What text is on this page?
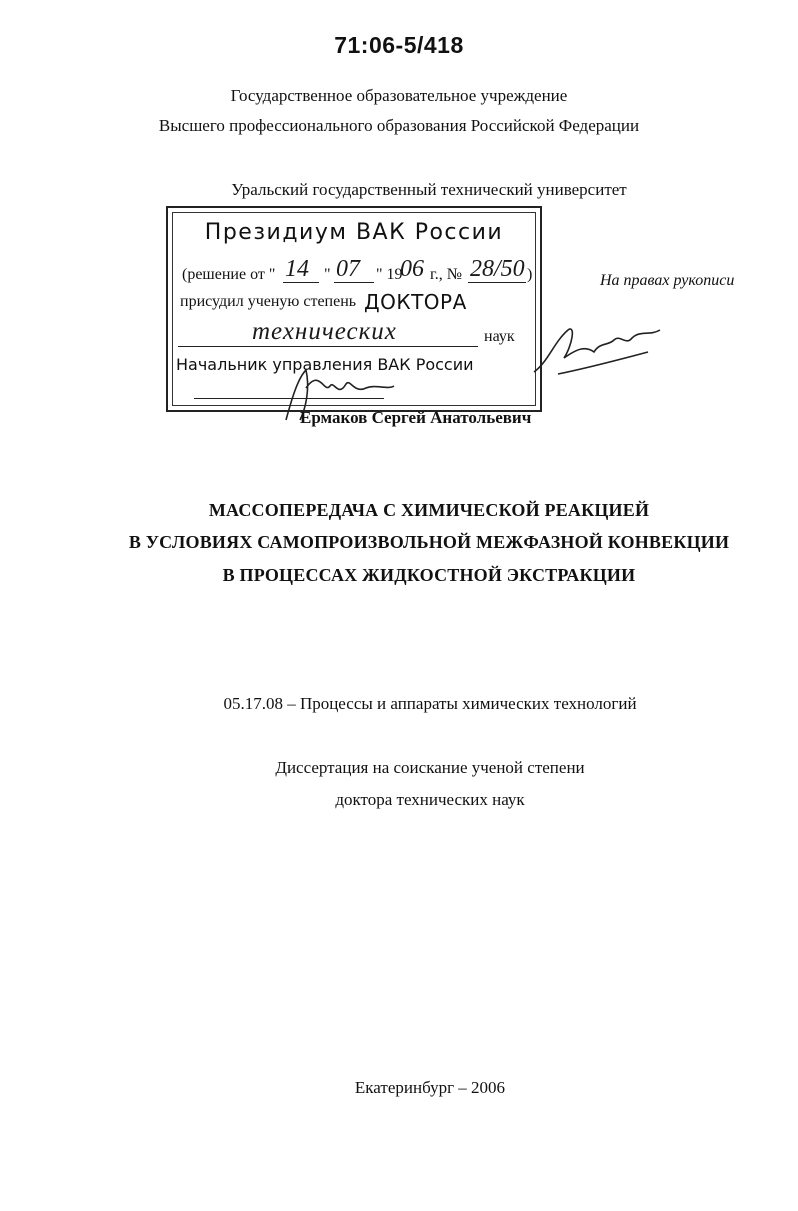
71:06-5/418
Государственное образовательное учреждение
Высшего профессионального образования Российской Федерации
Уральский государственный технический университет
Президиум ВАК России
(решение от " 14 " 07 " 19
06 г., № 28/50 )
присудил ученую степень ДОКТОРА
технических	наук
Начальник управления ВАК России
На правах рукописи
Ермаков Сергей Анатольевич
МАССОПЕРЕДАЧА С ХИМИЧЕСКОЙ РЕАКЦИЕЙ
В УСЛОВИЯХ САМОПРОИЗВОЛЬНОЙ МЕЖФАЗНОЙ КОНВЕКЦИИ
В ПРОЦЕССАХ ЖИДКОСТНОЙ ЭКСТРАКЦИИ
05.17.08 – Процессы и аппараты химических технологий
Диссертация на соискание ученой степени
доктора технических наук
Екатеринбург – 2006
